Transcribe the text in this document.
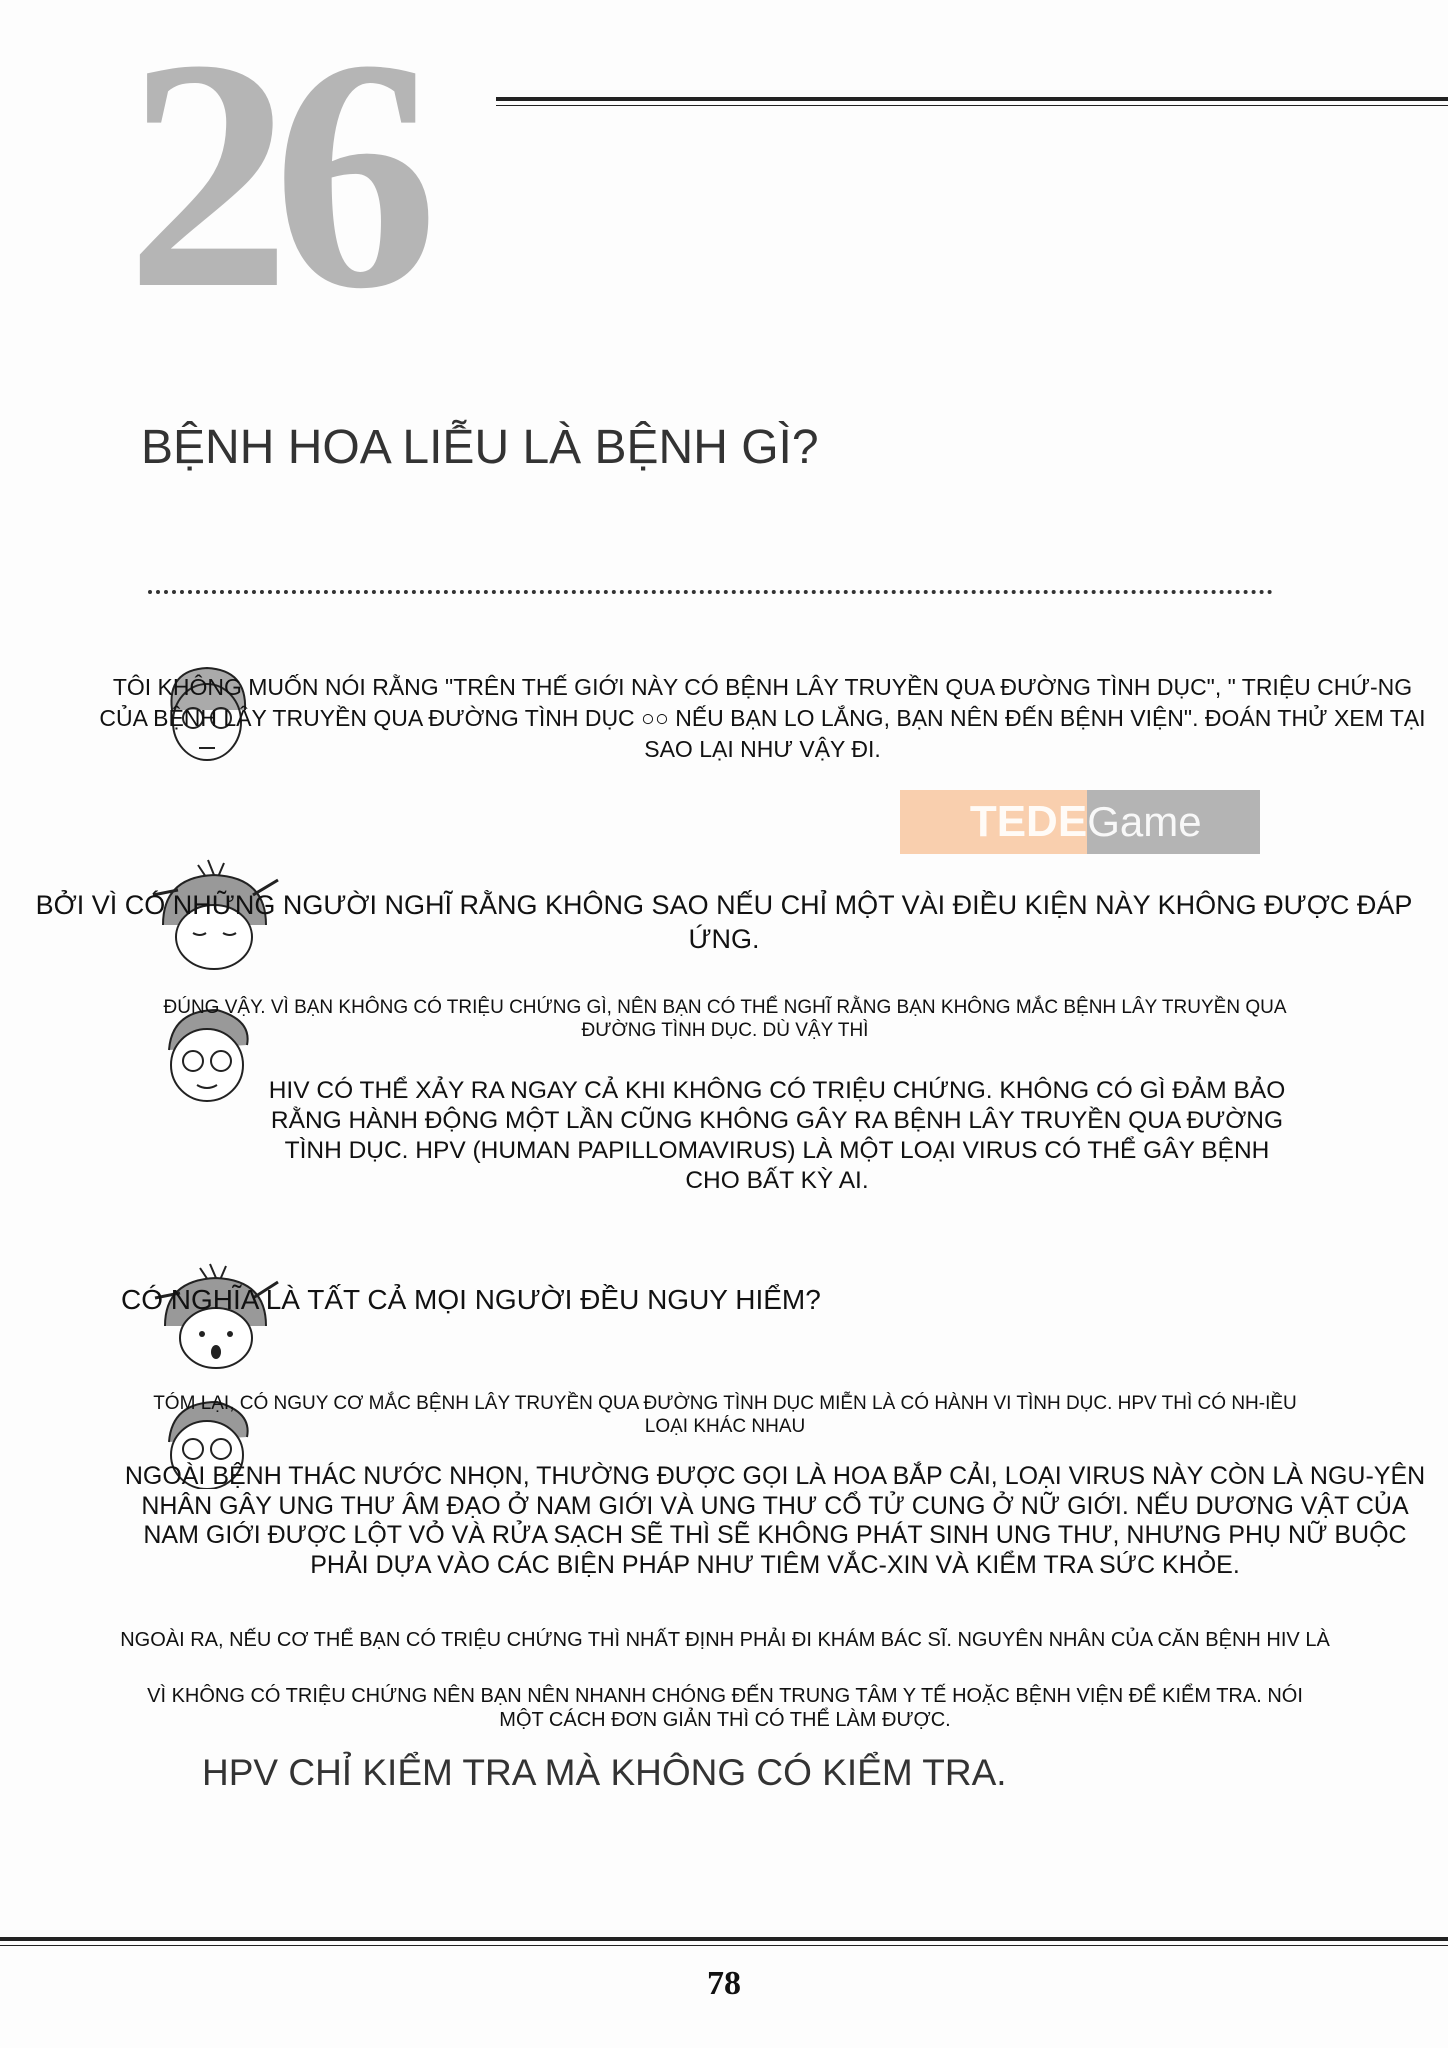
26
BỆNH HOA LIỄU LÀ BỆNH GÌ?
TÔI KHÔNG MUỐN NÓI RẰNG "TRÊN THẾ GIỚI NÀY CÓ BỆNH LÂY TRUYỀN QUA ĐƯỜNG TÌNH DỤC", " TRIỆU CHỨ-NG CỦA BỆNH LÂY TRUYỀN QUA ĐƯỜNG TÌNH DỤC ○○ NẾU BẠN LO LẮNG, BẠN NÊN ĐẾN BỆNH VIỆN". ĐOÁN THỬ XEM TẠI SAO LẠI NHƯ VẬY ĐI.
TEDE Game
BỞI VÌ CÓ NHỮNG NGƯỜI NGHĨ RẰNG KHÔNG SAO NẾU CHỈ MỘT VÀI ĐIỀU KIỆN NÀY KHÔNG ĐƯỢC ĐÁP ỨNG.
ĐÚNG VẬY. VÌ BẠN KHÔNG CÓ TRIỆU CHỨNG GÌ, NÊN BẠN CÓ THỂ NGHĨ RẰNG BẠN KHÔNG MẮC BỆNH LÂY TRUYỀN QUA ĐƯỜNG TÌNH DỤC. DÙ VẬY THÌ
HIV CÓ THỂ XẢY RA NGAY CẢ KHI KHÔNG CÓ TRIỆU CHỨNG. KHÔNG CÓ GÌ ĐẢM BẢO RẰNG HÀNH ĐỘNG MỘT LẦN CŨNG KHÔNG GÂY RA BỆNH LÂY TRUYỀN QUA ĐƯỜNG TÌNH DỤC. HPV (HUMAN PAPILLOMAVIRUS) LÀ MỘT LOẠI VIRUS CÓ THỂ GÂY BỆNH CHO BẤT KỲ AI.
CÓ NGHĨA LÀ TẤT CẢ MỌI NGƯỜI ĐỀU NGUY HIỂM?
TÓM LẠI, CÓ NGUY CƠ MẮC BỆNH LÂY TRUYỀN QUA ĐƯỜNG TÌNH DỤC MIỄN LÀ CÓ HÀNH VI TÌNH DỤC. HPV THÌ CÓ NH-IỀU LOẠI KHÁC NHAU
NGOÀI BỆNH THÁC NƯỚC NHỌN, THƯỜNG ĐƯỢC GỌI LÀ HOA BẮP CẢI, LOẠI VIRUS NÀY CÒN LÀ NGU-YÊN NHÂN GÂY UNG THƯ ÂM ĐẠO Ở NAM GIỚI VÀ UNG THƯ CỔ TỬ CUNG Ở NỮ GIỚI. NẾU DƯƠNG VẬT CỦA NAM GIỚI ĐƯỢC LỘT VỎ VÀ RỬA SẠCH SẼ THÌ SẼ KHÔNG PHÁT SINH UNG THƯ, NHƯNG PHỤ NỮ BUỘC PHẢI DỰA VÀO CÁC BIỆN PHÁP NHƯ TIÊM VẮC-XIN VÀ KIỂM TRA SỨC KHỎE.
NGOÀI RA, NẾU CƠ THỂ BẠN CÓ TRIỆU CHỨNG THÌ NHẤT ĐỊNH PHẢI ĐI KHÁM BÁC SĨ. NGUYÊN NHÂN CỦA CĂN BỆNH HIV LÀ
VÌ KHÔNG CÓ TRIỆU CHỨNG NÊN BẠN NÊN NHANH CHÓNG ĐẾN TRUNG TÂM Y TẾ HOẶC BỆNH VIỆN ĐỂ KIỂM TRA. NÓI MỘT CÁCH ĐƠN GIẢN THÌ CÓ THỂ LÀM ĐƯỢC.
HPV CHỈ KIỂM TRA MÀ KHÔNG CÓ KIỂM TRA.
78
